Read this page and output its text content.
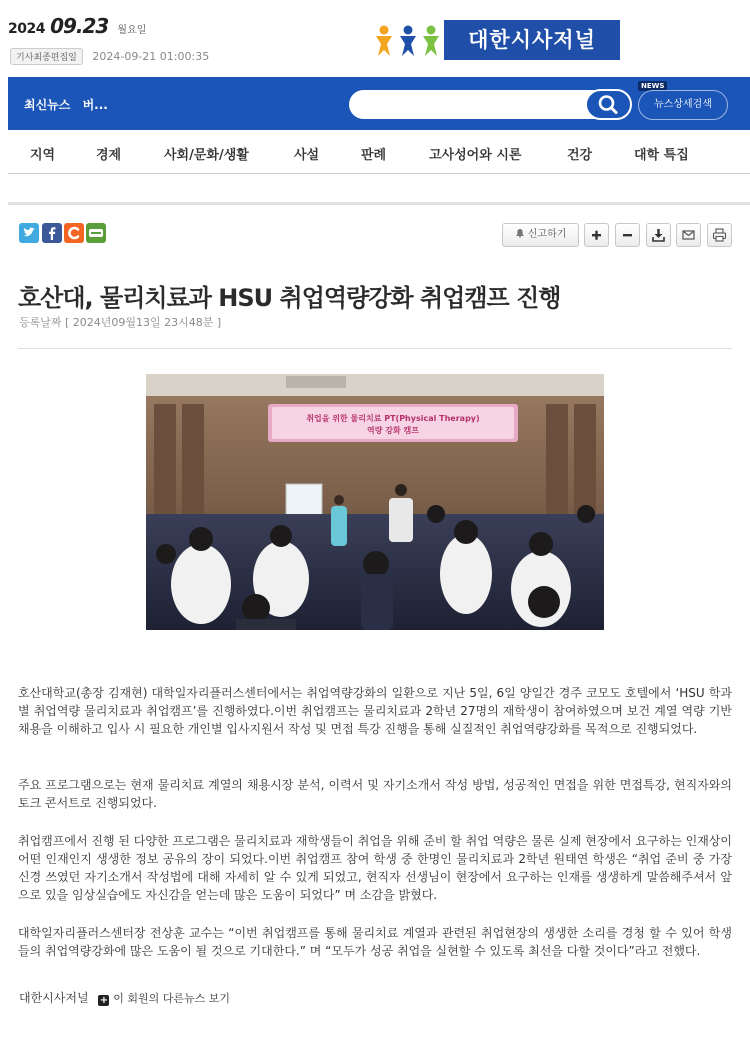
2024 09.23 월요일
기사최종편집일 2024-09-21 01:00:35
대한시사저널
최신뉴스 버...
NEWS
뉴스상세검색
지역	경제	사회/문화/생활	사설	판례	고사성어와 시론	건강	대학 특집
신고하기
호산대, 물리치료과 HSU 취업역량강화 취업캠프 진행
등록날짜 [ 2024년09월13일 23시48분 ]
취업을 위한 물리치료 PT(Physical Therapy)
역량 강화 캠프

호산대학교(총장 김재현) 대학일자리플러스센터에서는 취업역량강화의 일환으로 지난 5일, 6일 양일간 경주 코모도 호텔에서 ‘HSU 학과별 취업역량 물리치료과 취업캠프’를 진행하였다.이번 취업캠프는 물리치료과 2학년 27명의 재학생이 참여하였으며 보건 계열 역량 기반 채용을 이해하고 입사 시 필요한 개인별 입사지원서 작성 및 면접 특강 진행을 통해 실질적인 취업역량강화를 목적으로 진행되었다.

주요 프로그램으로는 현재 물리치료 계열의 채용시장 분석, 이력서 및 자기소개서 작성 방법, 성공적인 면접을 위한 면접특강, 현직자와의 토크 콘서트로 진행되었다.

취업캠프에서 진행 된 다양한 프로그램은 물리치료과 재학생들이 취업을 위해 준비 할 취업 역량은 물론 실제 현장에서 요구하는 인재상이 어떤 인재인지 생생한 정보 공유의 장이 되었다.이번 취업캠프 참여 학생 중 한명인 물리치료과 2학년 원태연 학생은 “취업 준비 중 가장 신경 쓰였던 자기소개서 작성법에 대해 자세히 알 수 있게 되었고, 현직자 선생님이 현장에서 요구하는 인재를 생생하게 말씀해주셔서 앞으로 있을 임상실습에도 자신감을 얻는데 많은 도움이 되었다” 며 소감을 밝혔다.

대학일자리플러스센터장 전상훈 교수는 “이번 취업캠프를 통해 물리치료 계열과 관련된 취업현장의 생생한 소리를 경청 할 수 있어 학생들의 취업역량강화에 많은 도움이 될 것으로 기대한다.” 며 “모두가 성공 취업을 실현할 수 있도록 최선을 다할 것이다”라고 전했다.

대한시사저널 + 이 회원의 다른뉴스 보기
